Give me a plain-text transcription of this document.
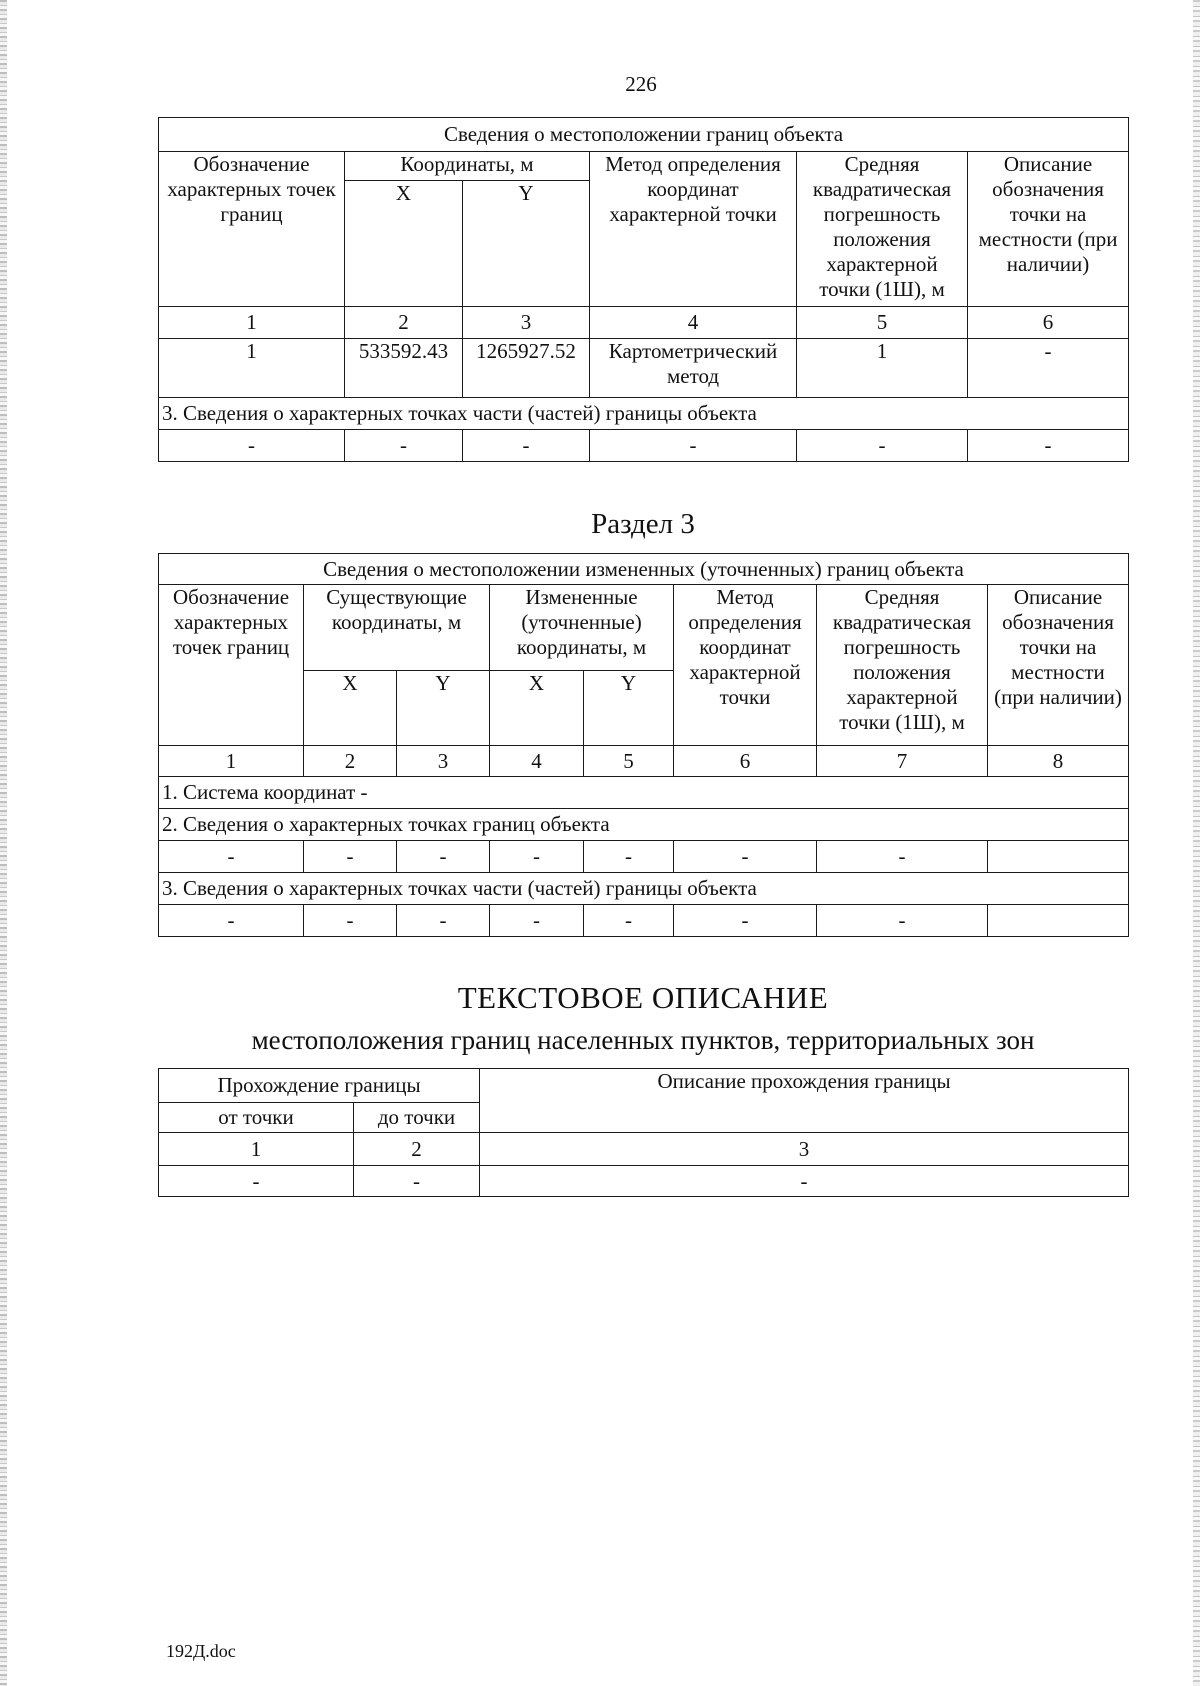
226
Сведения о местоположении границ объекта					
Обозначение характерных точек границ	Координаты, м		Метод определения координат характерной точки	Средняя квадратическая погрешность положения характерной точки (1Ш), м	Описание обозначения точки на местности (при наличии)
	X	Y			
1	2	3	4	5	6
1	533592.43	1265927.52	Картометрический метод	1	-
3. Сведения о характерных точках части (частей) границы объекта					
-	-	-	-	-	-
Раздел 3
Сведения о местоположении измененных (уточненных) границ объекта							
Обозначение характерных точек границ	Существующие координаты, м		Измененные (уточненные) координаты, м		Метод определения координат характерной точки	Средняя квадратическая погрешность положения характерной точки (1Ш), м	Описание обозначения точки на местности (при наличии)
	X	Y	X	Y			
1	2	3	4	5	6	7	8
1. Система координат -							
2. Сведения о характерных точках границ объекта							
-	-	-	-	-	-	-	
3. Сведения о характерных точках части (частей) границы объекта							
-	-	-	-	-	-	-	
ТЕКСТОВОЕ ОПИСАНИЕ
местоположения границ населенных пунктов, территориальных зон
Прохождение границы		Описание прохождения границы
от точки	до точки	
1	2	3
-	-	-
192Д.doc
